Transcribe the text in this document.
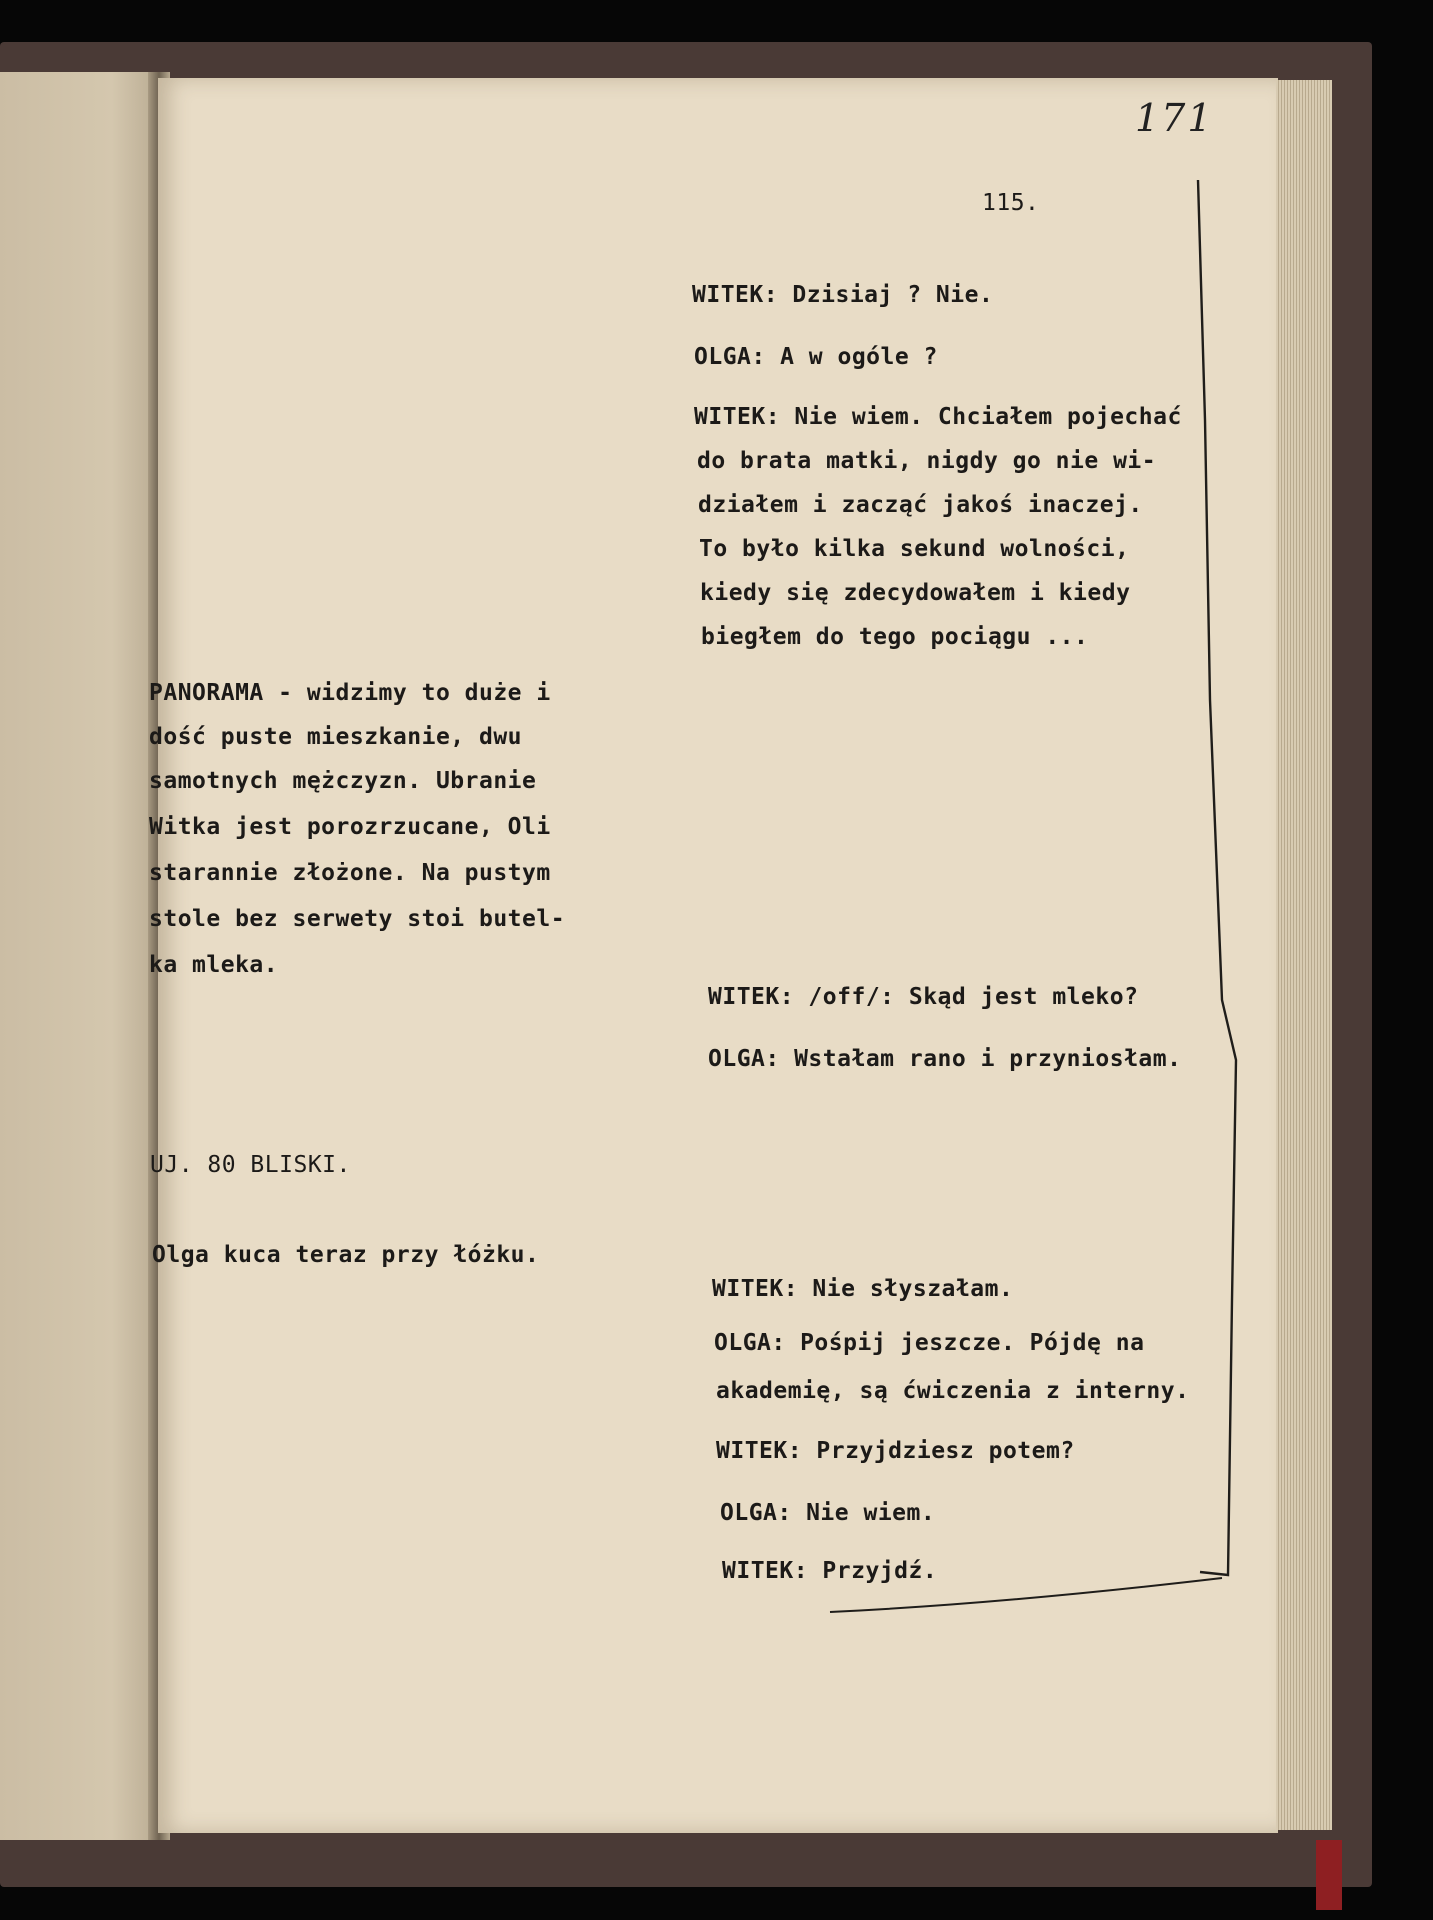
171
115.
WITEK: Dzisiaj ? Nie.
OLGA: A w ogóle ?
WITEK: Nie wiem. Chciałem pojechać
do brata matki, nigdy go nie wi-
działem i zacząć jakoś inaczej.
To było kilka sekund wolności,
kiedy się zdecydowałem i kiedy
biegłem do tego pociągu ...
PANORAMA - widzimy to duże i
dość puste mieszkanie, dwu
samotnych mężczyzn. Ubranie
Witka jest porozrzucane, Oli
starannie złożone. Na pustym
stole bez serwety stoi butel-
ka mleka.
WITEK: /off/: Skąd jest mleko?
OLGA: Wstałam rano i przyniosłam.
UJ. 80 BLISKI.
Olga kuca teraz przy łóżku.
WITEK: Nie słyszałam.
OLGA: Pośpij jeszcze. Pójdę na
akademię, są ćwiczenia z interny.
WITEK: Przyjdziesz potem?
OLGA: Nie wiem.
WITEK: Przyjdź.
